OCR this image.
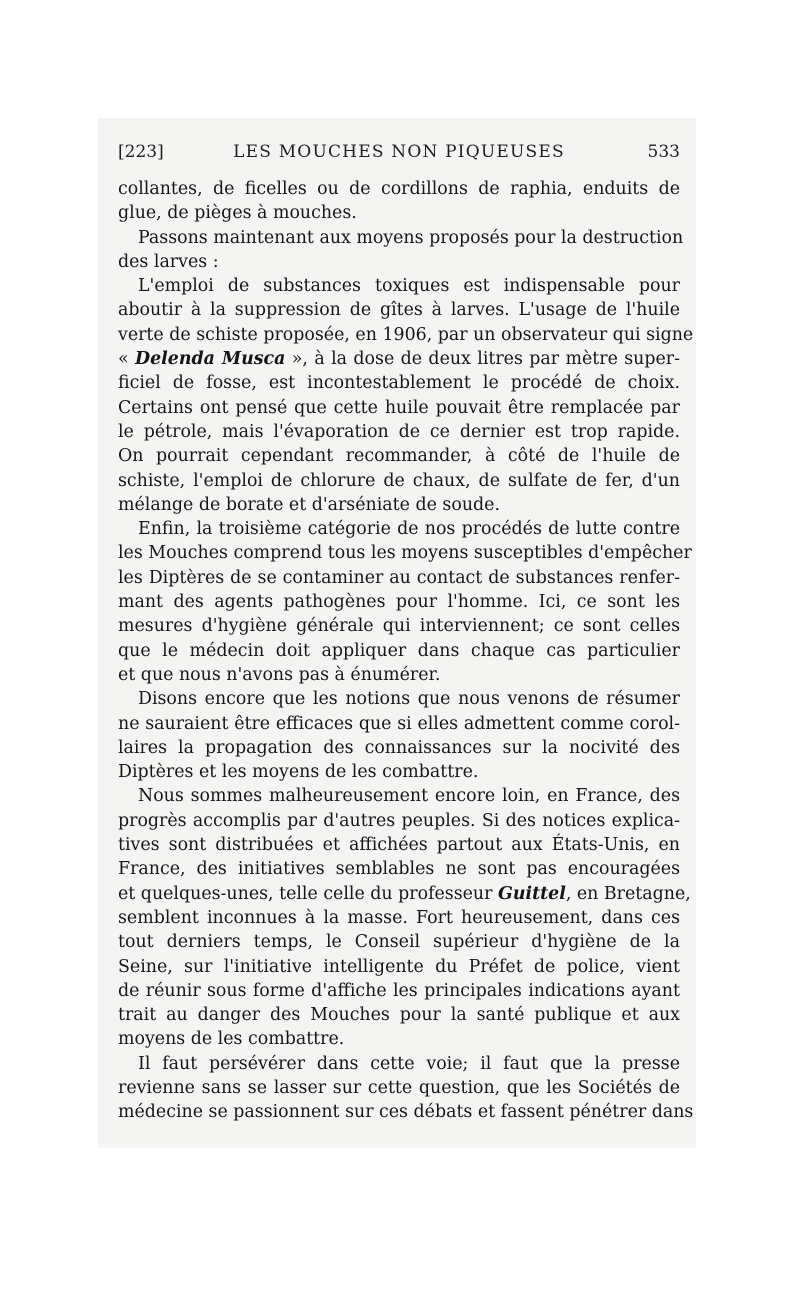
[223]	LES MOUCHES NON PIQUEUSES	533
collantes, de ficelles ou de cordillons de raphia, enduits de
glue, de pièges à mouches.
Passons maintenant aux moyens proposés pour la destruction
des larves :
L'emploi de substances toxiques est indispensable pour
aboutir à la suppression de gîtes à larves. L'usage de l'huile
verte de schiste proposée, en 1906, par un observateur qui signe
« Delenda Musca », à la dose de deux litres par mètre super-
ficiel de fosse, est incontestablement le procédé de choix.
Certains ont pensé que cette huile pouvait être remplacée par
le pétrole, mais l'évaporation de ce dernier est trop rapide.
On pourrait cependant recommander, à côté de l'huile de
schiste, l'emploi de chlorure de chaux, de sulfate de fer, d'un
mélange de borate et d'arséniate de soude.
Enfin, la troisième catégorie de nos procédés de lutte contre
les Mouches comprend tous les moyens susceptibles d'empêcher
les Diptères de se contaminer au contact de substances renfer-
mant des agents pathogènes pour l'homme. Ici, ce sont les
mesures d'hygiène générale qui interviennent; ce sont celles
que le médecin doit appliquer dans chaque cas particulier
et que nous n'avons pas à énumérer.
Disons encore que les notions que nous venons de résumer
ne sauraient être efficaces que si elles admettent comme corol-
laires la propagation des connaissances sur la nocivité des
Diptères et les moyens de les combattre.
Nous sommes malheureusement encore loin, en France, des
progrès accomplis par d'autres peuples. Si des notices explica-
tives sont distribuées et affichées partout aux États-Unis, en
France, des initiatives semblables ne sont pas encouragées
et quelques-unes, telle celle du professeur Guittel, en Bretagne,
semblent inconnues à la masse. Fort heureusement, dans ces
tout derniers temps, le Conseil supérieur d'hygiène de la
Seine, sur l'initiative intelligente du Préfet de police, vient
de réunir sous forme d'affiche les principales indications ayant
trait au danger des Mouches pour la santé publique et aux
moyens de les combattre.
Il faut persévérer dans cette voie; il faut que la presse
revienne sans se lasser sur cette question, que les Sociétés de
médecine se passionnent sur ces débats et fassent pénétrer dans
